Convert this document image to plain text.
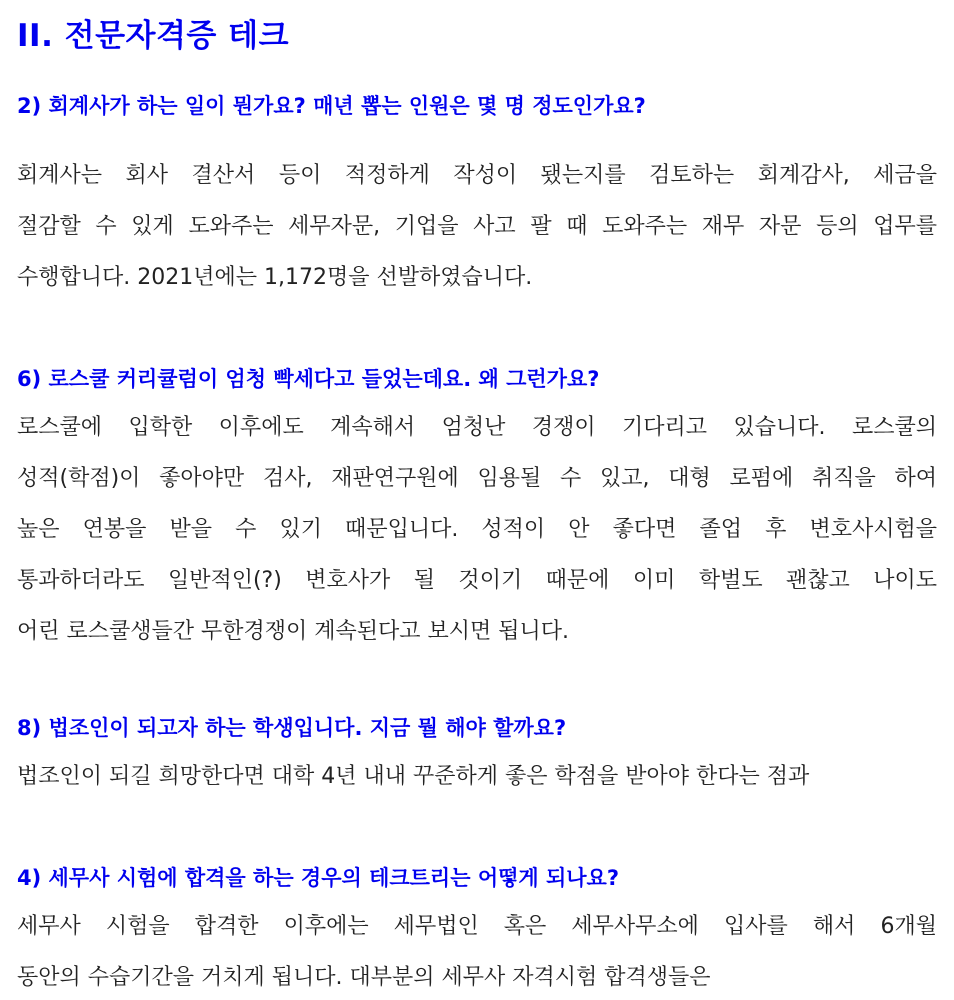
II. 전문자격증 테크
2) 회계사가 하는 일이 뭔가요? 매년 뽑는 인원은 몇 명 정도인가요?

회계사는 회사 결산서 등이 적정하게 작성이 됐는지를 검토하는 회계감사, 세금을
절감할 수 있게 도와주는 세무자문, 기업을 사고 팔 때 도와주는 재무 자문 등의 업무를
수행합니다. 2021년에는 1,172명을 선발하였습니다.

6) 로스쿨 커리큘럼이 엄청 빡세다고 들었는데요. 왜 그런가요?

로스쿨에 입학한 이후에도 계속해서 엄청난 경쟁이 기다리고 있습니다. 로스쿨의
성적(학점)이 좋아야만 검사, 재판연구원에 임용될 수 있고, 대형 로펌에 취직을 하여
높은 연봉을 받을 수 있기 때문입니다. 성적이 안 좋다면 졸업 후 변호사시험을
통과하더라도 일반적인(?) 변호사가 될 것이기 때문에 이미 학벌도 괜찮고 나이도
어린 로스쿨생들간 무한경쟁이 계속된다고 보시면 됩니다.

8) 법조인이 되고자 하는 학생입니다. 지금 뭘 해야 할까요?

법조인이 되길 희망한다면 대학 4년 내내 꾸준하게 좋은 학점을 받아야 한다는 점과

4) 세무사 시험에 합격을 하는 경우의 테크트리는 어떻게 되나요?

세무사 시험을 합격한 이후에는 세무법인 혹은 세무사무소에 입사를 해서 6개월
동안의 수습기간을 거치게 됩니다. 대부분의 세무사 자격시험 합격생들은
